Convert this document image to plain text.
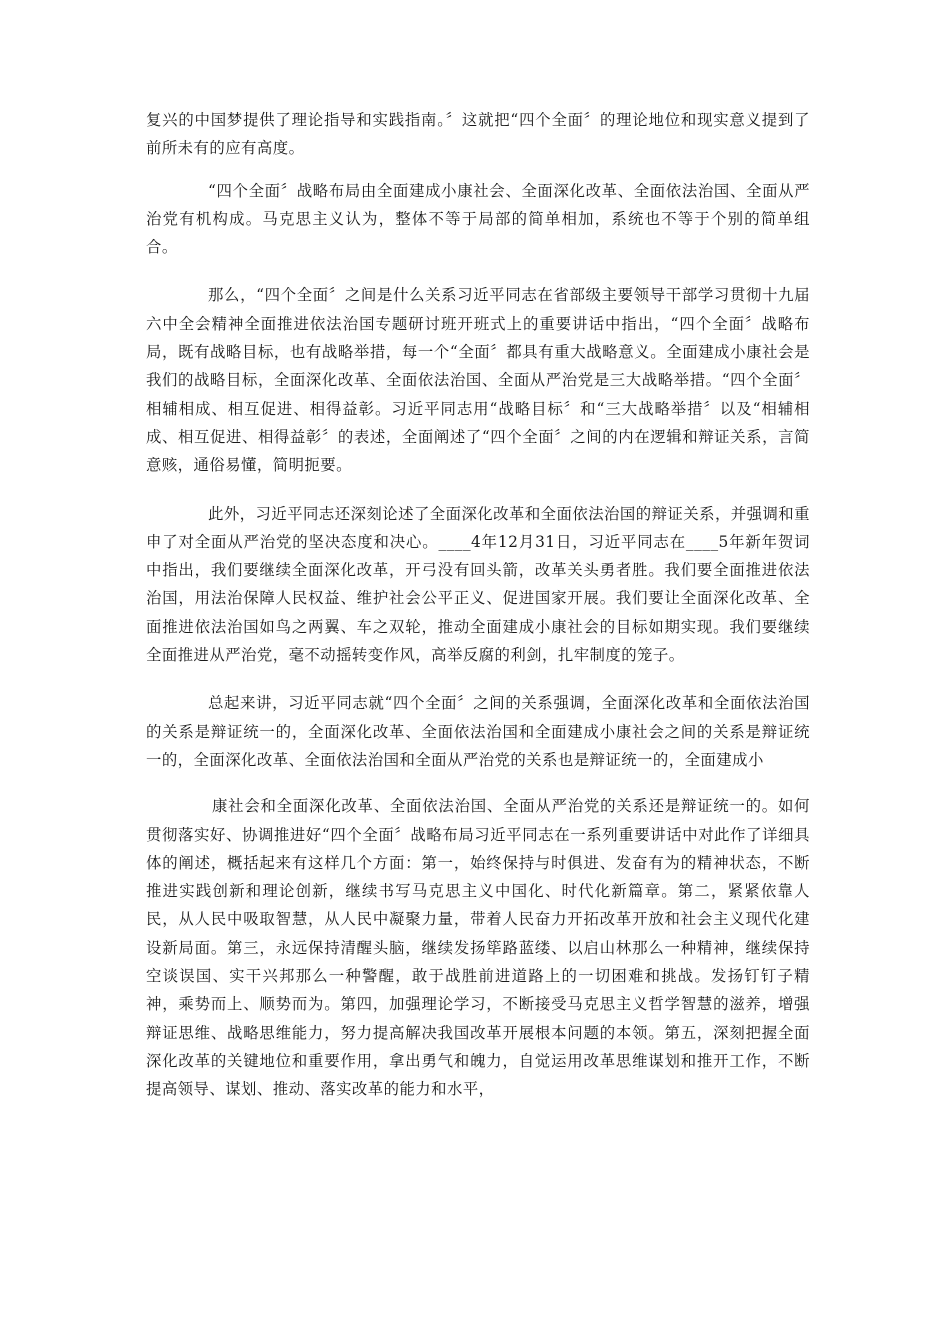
复兴的中国梦提供了理论指导和实践指南。〞这就把“四个全面〞的理论地位和现实意义提到了前所未有的应有高度。

“四个全面〞战略布局由全面建成小康社会、全面深化改革、全面依法治国、全面从严治党有机构成。马克思主义认为，整体不等于局部的简单相加，系统也不等于个别的简单组合。

那么，“四个全面〞之间是什么关系习近平同志在省部级主要领导干部学习贯彻十九届六中全会精神全面推进依法治国专题研讨班开班式上的重要讲话中指出，“四个全面〞战略布局，既有战略目标，也有战略举措，每一个“全面〞都具有重大战略意义。全面建成小康社会是我们的战略目标，全面深化改革、全面依法治国、全面从严治党是三大战略举措。“四个全面〞相辅相成、相互促进、相得益彰。习近平同志用“战略目标〞和“三大战略举措〞以及“相辅相成、相互促进、相得益彰〞的表述，全面阐述了“四个全面〞之间的内在逻辑和辩证关系，言简意赅，通俗易懂，简明扼要。

此外，习近平同志还深刻论述了全面深化改革和全面依法治国的辩证关系，并强调和重申了对全面从严治党的坚决态度和决心。____4年12月31日，习近平同志在____5年新年贺词中指出，我们要继续全面深化改革，开弓没有回头箭，改革关头勇者胜。我们要全面推进依法治国，用法治保障人民权益、维护社会公平正义、促进国家开展。我们要让全面深化改革、全面推进依法治国如鸟之两翼、车之双轮，推动全面建成小康社会的目标如期实现。我们要继续全面推进从严治党，毫不动摇转变作风，高举反腐的利剑，扎牢制度的笼子。

总起来讲，习近平同志就“四个全面〞之间的关系强调，全面深化改革和全面依法治国的关系是辩证统一的，全面深化改革、全面依法治国和全面建成小康社会之间的关系是辩证统一的，全面深化改革、全面依法治国和全面从严治党的关系也是辩证统一的，全面建成小

康社会和全面深化改革、全面依法治国、全面从严治党的关系还是辩证统一的。如何贯彻落实好、协调推进好“四个全面〞战略布局习近平同志在一系列重要讲话中对此作了详细具体的阐述，概括起来有这样几个方面：第一，始终保持与时俱进、发奋有为的精神状态，不断推进实践创新和理论创新，继续书写马克思主义中国化、时代化新篇章。第二，紧紧依靠人民，从人民中吸取智慧，从人民中凝聚力量，带着人民奋力开拓改革开放和社会主义现代化建设新局面。第三，永远保持清醒头脑，继续发扬筚路蓝缕、以启山林那么一种精神，继续保持空谈误国、实干兴邦那么一种警醒，敢于战胜前进道路上的一切困难和挑战。发扬钉钉子精神，乘势而上、顺势而为。第四，加强理论学习，不断接受马克思主义哲学智慧的滋养，增强辩证思维、战略思维能力，努力提高解决我国改革开展根本问题的本领。第五，深刻把握全面深化改革的关键地位和重要作用，拿出勇气和魄力，自觉运用改革思维谋划和推开工作，不断提高领导、谋划、推动、落实改革的能力和水平，
